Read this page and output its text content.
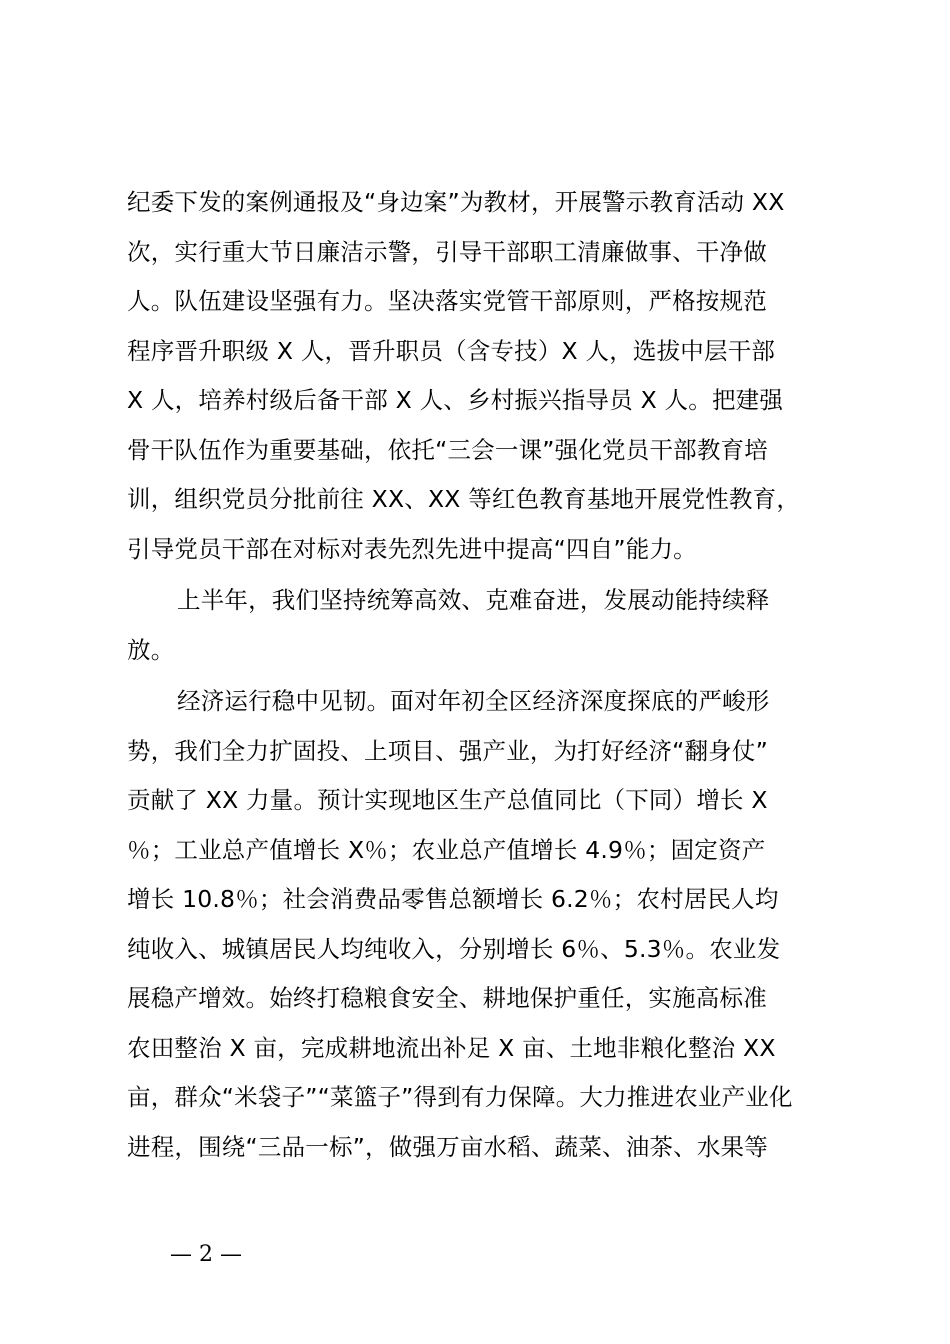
纪委下发的案例通报及“身边案”为教材，开展警示教育活动 XX
次，实行重大节日廉洁示警，引导干部职工清廉做事、干净做
人。队伍建设坚强有力。坚决落实党管干部原则，严格按规范
程序晋升职级 X 人，晋升职员（含专技）X 人，选拔中层干部
X 人，培养村级后备干部 X 人、乡村振兴指导员 X 人。把建强
骨干队伍作为重要基础，依托“三会一课”强化党员干部教育培
训，组织党员分批前往 XX、XX 等红色教育基地开展党性教育，
引导党员干部在对标对表先烈先进中提高“四自”能力。
上半年，我们坚持统筹高效、克难奋进，发展动能持续释
放。
经济运行稳中见韧。面对年初全区经济深度探底的严峻形
势，我们全力扩固投、上项目、强产业，为打好经济“翻身仗”
贡献了 XX 力量。预计实现地区生产总值同比（下同）增长 X
％；工业总产值增长 X％；农业总产值增长 4.9％；固定资产
增长 10.8％；社会消费品零售总额增长 6.2％；农村居民人均
纯收入、城镇居民人均纯收入，分别增长 6％、5.3％。农业发
展稳产增效。始终打稳粮食安全、耕地保护重任，实施高标准
农田整治 X 亩，完成耕地流出补足 X 亩、土地非粮化整治 XX
亩，群众“米袋子”“菜篮子”得到有力保障。大力推进农业产业化
进程，围绕“三品一标”，做强万亩水稻、蔬菜、油茶、水果等
— 2 —
